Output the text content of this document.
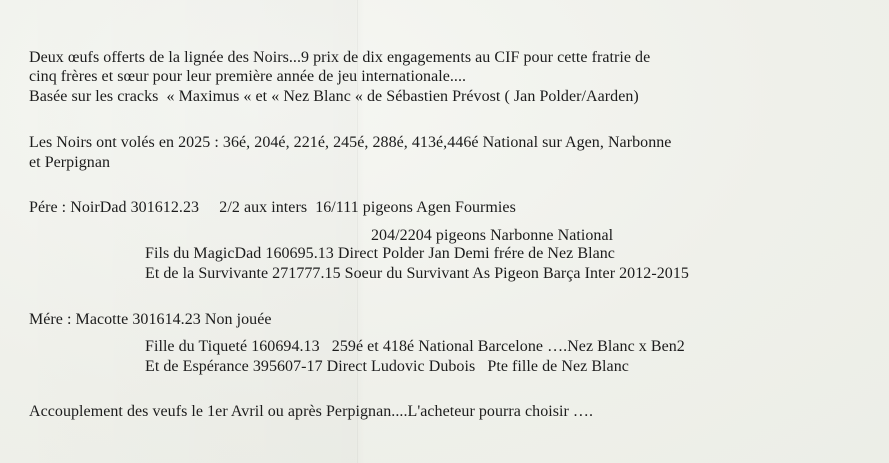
Deux œufs offerts de la lignée des Noirs...9 prix de dix engagements au CIF pour cette fratrie de
cinq frères et sœur pour leur première année de jeu internationale....
Basée sur les cracks  « Maximus « et « Nez Blanc « de Sébastien Prévost ( Jan Polder/Aarden)
Les Noirs ont volés en 2025 : 36é, 204é, 221é, 245é, 288é, 413é,446é National sur Agen, Narbonne
et Perpignan
Pére : NoirDad 301612.23     2/2 aux inters  16/111 pigeons Agen Fourmies
204/2204 pigeons Narbonne National
Fils du MagicDad 160695.13 Direct Polder Jan Demi frére de Nez Blanc
Et de la Survivante 271777.15 Soeur du Survivant As Pigeon Barça Inter 2012-2015
Mére : Macotte 301614.23 Non jouée
Fille du Tiqueté 160694.13   259é et 418é National Barcelone ….Nez Blanc x Ben2
Et de Espérance 395607-17 Direct Ludovic Dubois   Pte fille de Nez Blanc
Accouplement des veufs le 1er Avril ou après Perpignan....L'acheteur pourra choisir ….
